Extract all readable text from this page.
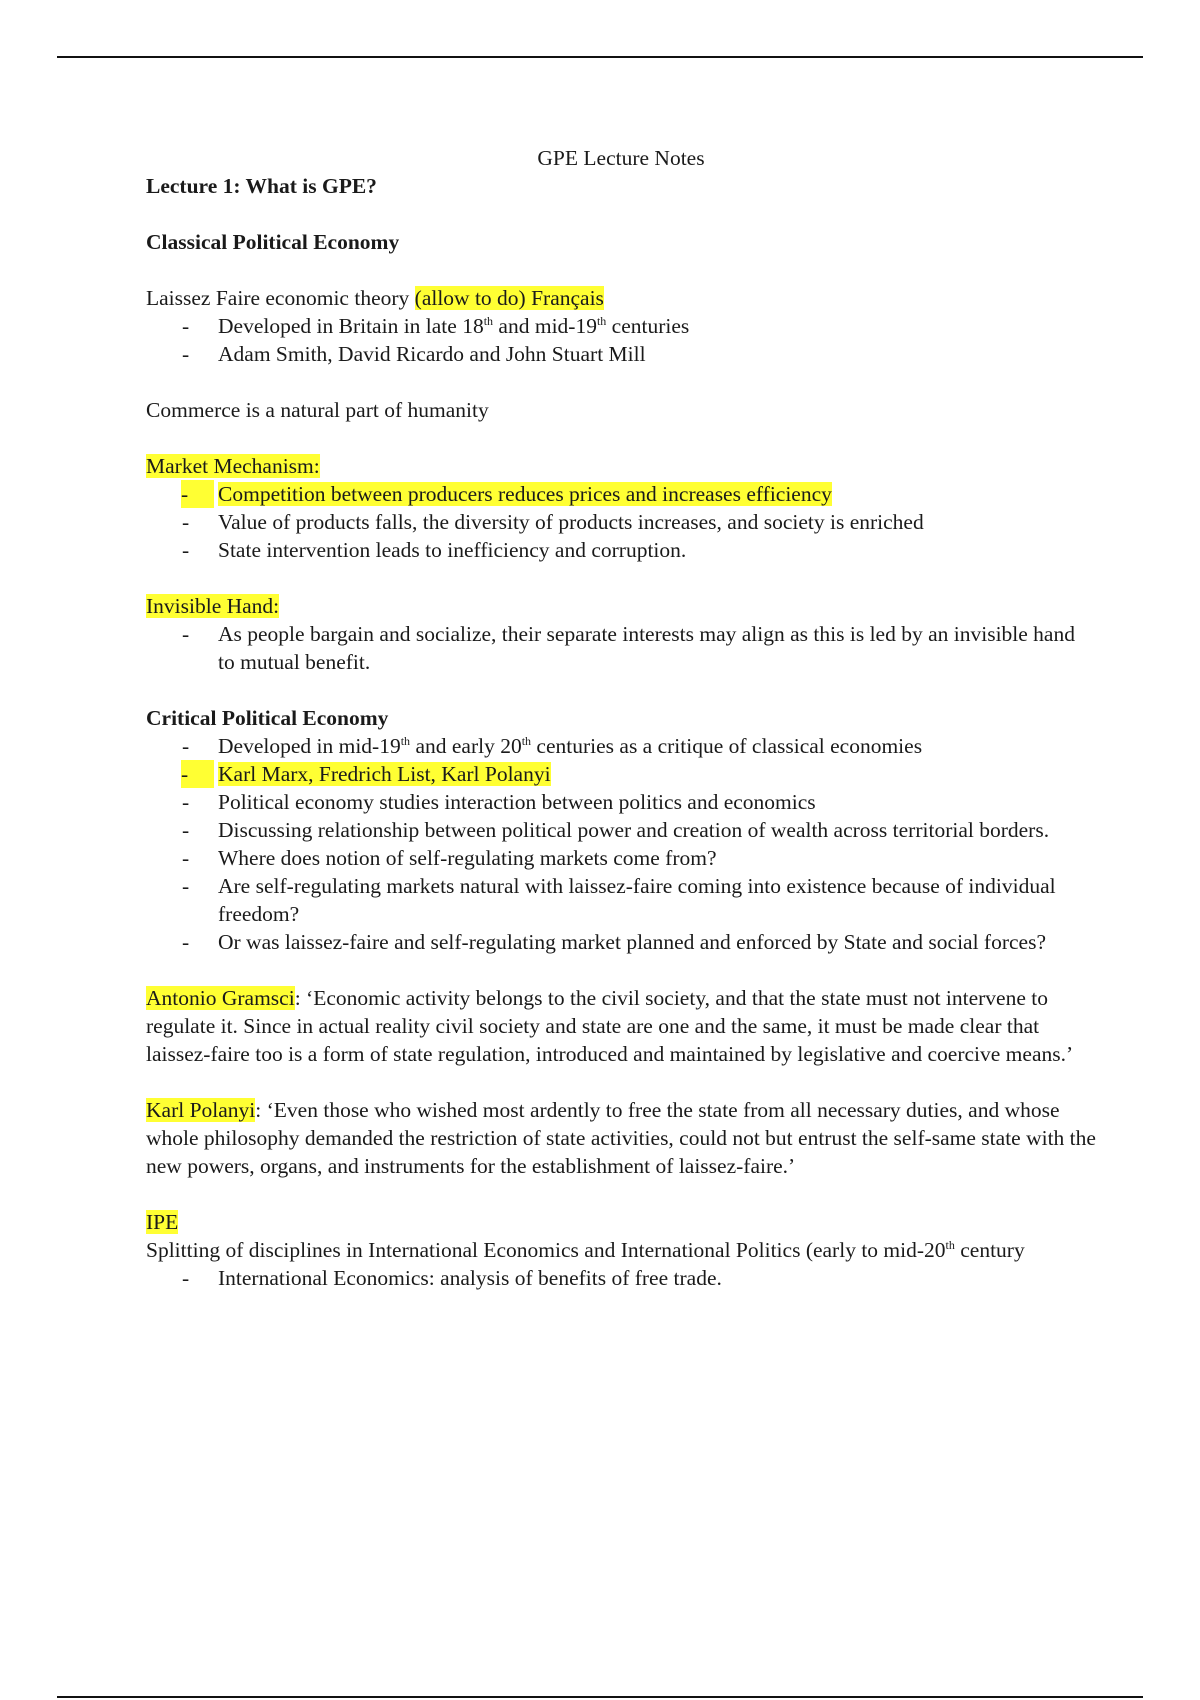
GPE Lecture Notes

Lecture 1: What is GPE?

Classical Political Economy

Laissez Faire economic theory (allow to do) Français

- Developed in Britain in late 18th and mid-19th centuries
- Adam Smith, David Ricardo and John Stuart Mill

Commerce is a natural part of humanity

Market Mechanism:

-	Competition between producers reduces prices and increases efficiency
- Value of products falls, the diversity of products increases, and society is enriched
- State intervention leads to inefficiency and corruption.

Invisible Hand:

- As people bargain and socialize, their separate interests may align as this is led by an invisible hand to mutual benefit.

Critical Political Economy

- Developed in mid-19th and early 20th centuries as a critique of classical economies
-	Karl Marx, Fredrich List, Karl Polanyi
- Political economy studies interaction between politics and economics
- Discussing relationship between political power and creation of wealth across territorial borders.
- Where does notion of self-regulating markets come from?
- Are self-regulating markets natural with laissez-faire coming into existence because of individual freedom?
- Or was laissez-faire and self-regulating market planned and enforced by State and social forces?

Antonio Gramsci: ‘Economic activity belongs to the civil society, and that the state must not intervene to regulate it. Since in actual reality civil society and state are one and the same, it must be made clear that laissez-faire too is a form of state regulation, introduced and maintained by legislative and coercive means.’

Karl Polanyi: ‘Even those who wished most ardently to free the state from all necessary duties, and whose whole philosophy demanded the restriction of state activities, could not but entrust the self-same state with the new powers, organs, and instruments for the establishment of laissez-faire.’

IPE

Splitting of disciplines in International Economics and International Politics (early to mid-20th century

- International Economics: analysis of benefits of free trade.
